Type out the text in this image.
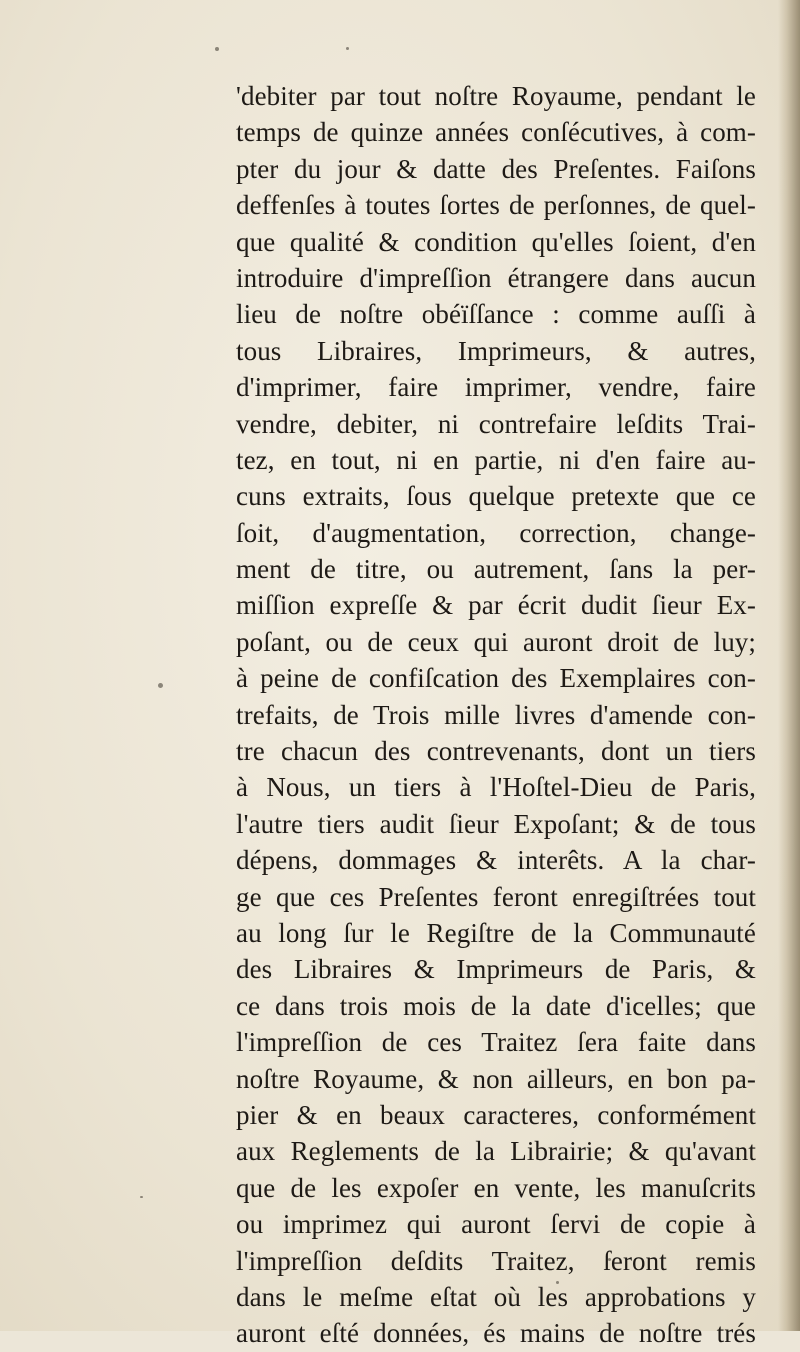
'debiter par tout noſtre Royaume, pendant le
temps de quinze années conſécutives, à com-
pter du jour & datte des Preſentes. Faiſons
deffenſes à toutes ſortes de perſonnes, de quel-
que qualité & condition qu'elles ſoient, d'en
introduire d'impreſſion étrangere dans aucun
lieu de noſtre obéïſſance : comme auſſi à
tous Libraires, Imprimeurs, & autres,
d'imprimer, faire imprimer, vendre, faire
vendre, debiter, ni contrefaire leſdits Trai-
tez, en tout, ni en partie, ni d'en faire au-
cuns extraits, ſous quelque pretexte que ce
ſoit, d'augmentation, correction, change-
ment de titre, ou autrement, ſans la per-
miſſion expreſſe & par écrit dudit ſieur Ex-
poſant, ou de ceux qui auront droit de luy;
à peine de confiſcation des Exemplaires con-
trefaits, de Trois mille livres d'amende con-
tre chacun des contrevenants, dont un tiers
à Nous, un tiers à l'Hoſtel-Dieu de Paris,
l'autre tiers audit ſieur Expoſant; & de tous
dépens, dommages & interêts. A la char-
ge que ces Preſentes feront enregiſtrées tout
au long ſur le Regiſtre de la Communauté
des Libraires & Imprimeurs de Paris, &
ce dans trois mois de la date d'icelles; que
l'impreſſion de ces Traitez ſera faite dans
noſtre Royaume, & non ailleurs, en bon pa-
pier & en beaux caracteres, conformément
aux Reglements de la Librairie; & qu'avant
que de les expoſer en vente, les manuſcrits
ou imprimez qui auront ſervi de copie à
l'impreſſion deſdits Traitez, ſeront remis
dans le meſme eſtat où les approbations y
auront eſté données, és mains de noſtre trés
